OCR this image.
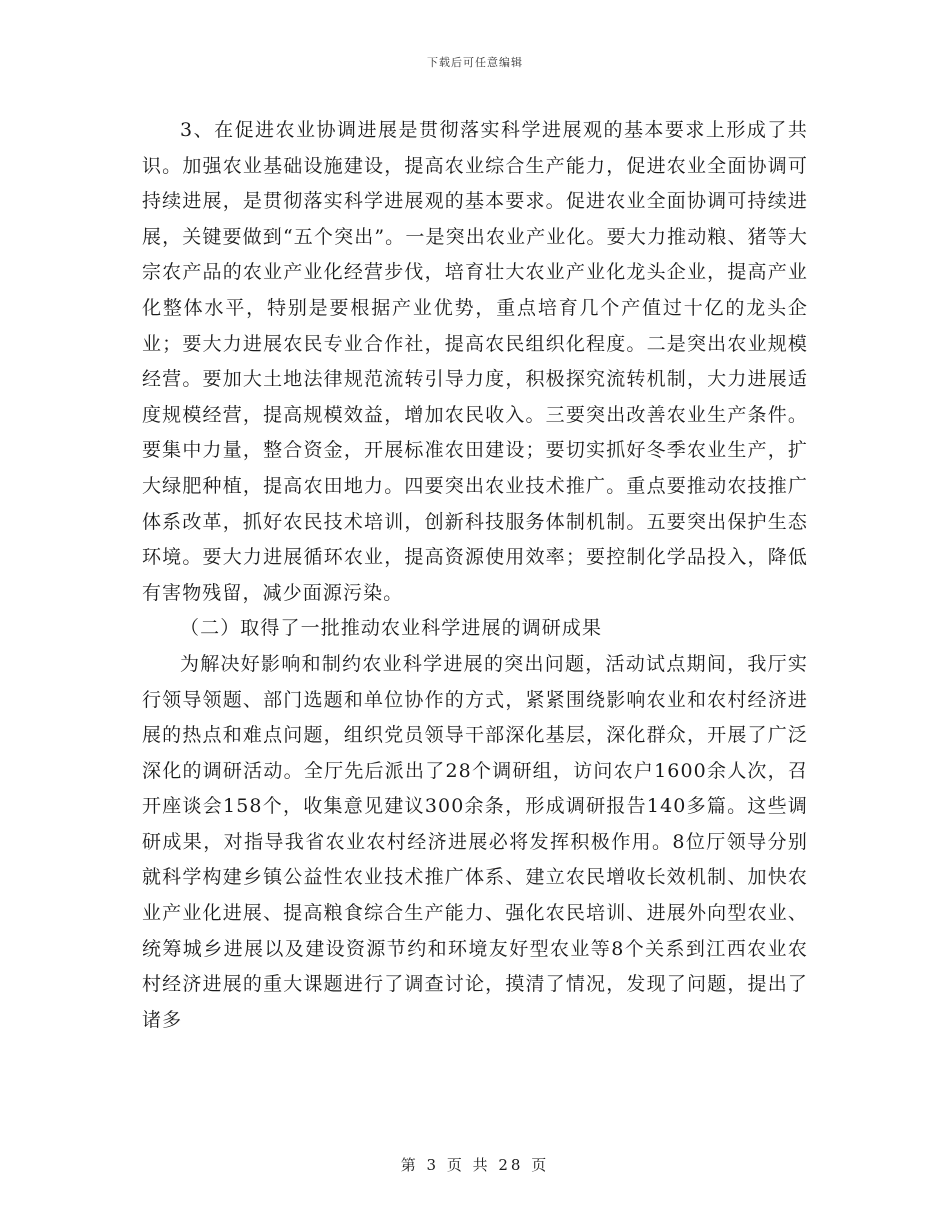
下载后可任意编辑

3、在促进农业协调进展是贯彻落实科学进展观的基本要求上形成了共识。加强农业基础设施建设，提高农业综合生产能力，促进农业全面协调可持续进展，是贯彻落实科学进展观的基本要求。促进农业全面协调可持续进展，关键要做到“五个突出”。一是突出农业产业化。要大力推动粮、猪等大宗农产品的农业产业化经营步伐，培育壮大农业产业化龙头企业，提高产业化整体水平，特别是要根据产业优势，重点培育几个产值过十亿的龙头企业；要大力进展农民专业合作社，提高农民组织化程度。二是突出农业规模经营。要加大土地法律规范流转引导力度，积极探究流转机制，大力进展适度规模经营，提高规模效益，增加农民收入。三要突出改善农业生产条件。要集中力量，整合资金，开展标准农田建设；要切实抓好冬季农业生产，扩大绿肥种植，提高农田地力。四要突出农业技术推广。重点要推动农技推广体系改革，抓好农民技术培训，创新科技服务体制机制。五要突出保护生态环境。要大力进展循环农业，提高资源使用效率；要控制化学品投入，降低有害物残留，减少面源污染。

（二）取得了一批推动农业科学进展的调研成果

为解决好影响和制约农业科学进展的突出问题，活动试点期间，我厅实行领导领题、部门选题和单位协作的方式，紧紧围绕影响农业和农村经济进展的热点和难点问题，组织党员领导干部深化基层，深化群众，开展了广泛深化的调研活动。全厅先后派出了28个调研组，访问农户1600余人次，召开座谈会158个，收集意见建议300余条，形成调研报告140多篇。这些调研成果，对指导我省农业农村经济进展必将发挥积极作用。8位厅领导分别就科学构建乡镇公益性农业技术推广体系、建立农民增收长效机制、加快农业产业化进展、提高粮食综合生产能力、强化农民培训、进展外向型农业、统筹城乡进展以及建设资源节约和环境友好型农业等8个关系到江西农业农村经济进展的重大课题进行了调查讨论，摸清了情况，发现了问题，提出了诸多

第 3 页 共 28 页
